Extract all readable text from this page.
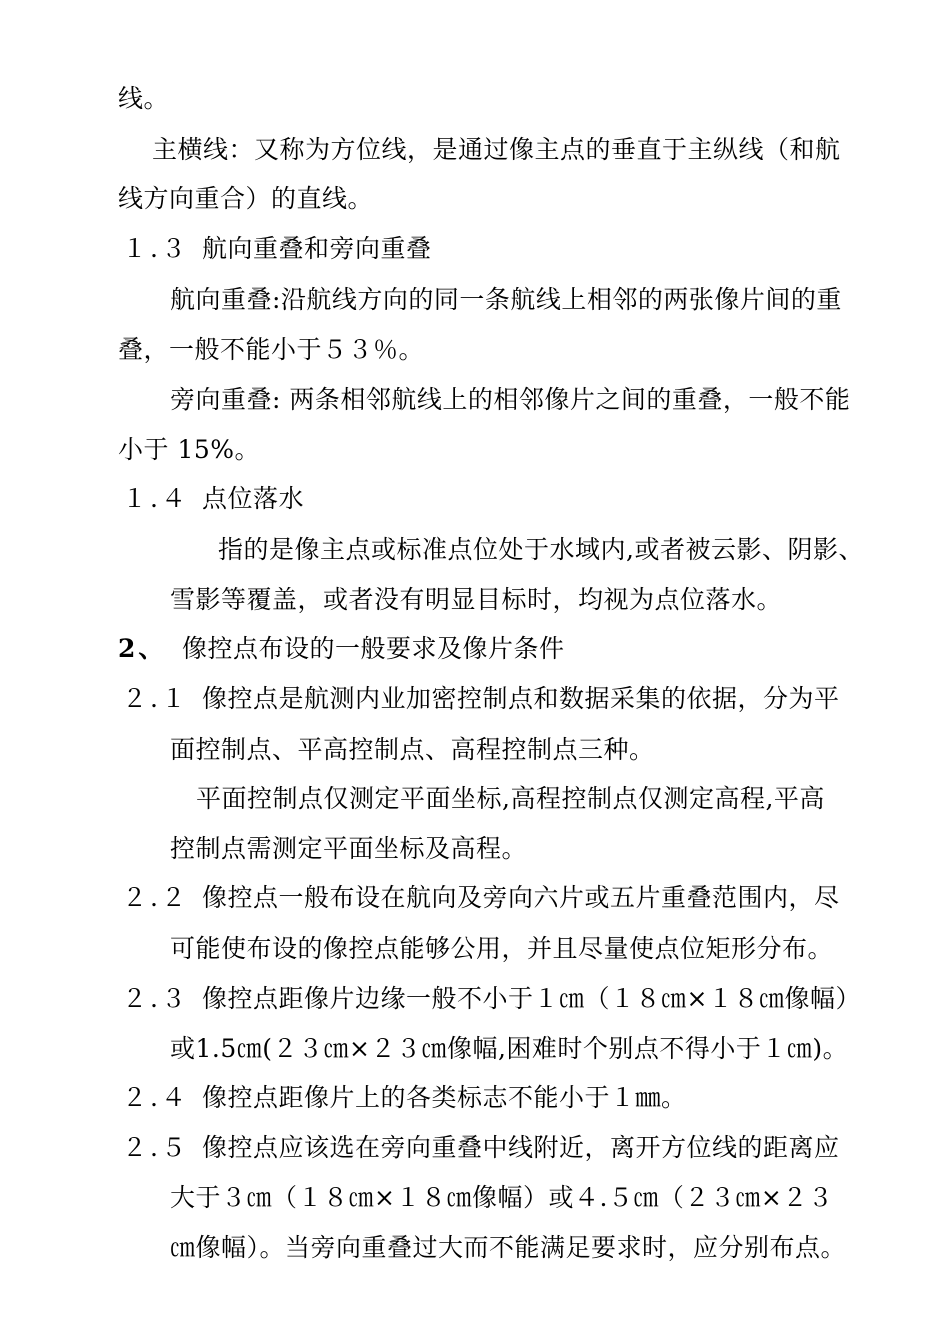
线。
主横线：又称为方位线，是通过像主点的垂直于主纵线（和航
线方向重合）的直线。
１.３ 航向重叠和旁向重叠
航向重叠:沿航线方向的同一条航线上相邻的两张像片间的重
叠，一般不能小于５３％。
旁向重叠: 两条相邻航线上的相邻像片之间的重叠，一般不能
小于 15%。
１.４ 点位落水
指的是像主点或标准点位处于水域内,或者被云影、阴影、
雪影等覆盖，或者没有明显目标时，均视为点位落水。
2、 像控点布设的一般要求及像片条件
２.１ 像控点是航测内业加密控制点和数据采集的依据，分为平
面控制点、平高控制点、高程控制点三种。
平面控制点仅测定平面坐标,高程控制点仅测定高程,平高
控制点需测定平面坐标及高程。
２.２ 像控点一般布设在航向及旁向六片或五片重叠范围内，尽
可能使布设的像控点能够公用，并且尽量使点位矩形分布。
２.３ 像控点距像片边缘一般不小于１㎝（１８㎝×１８㎝像幅）
或1.5㎝(２３㎝×２３㎝像幅,困难时个别点不得小于１㎝)。
２.４ 像控点距像片上的各类标志不能小于１㎜。
２.５ 像控点应该选在旁向重叠中线附近，离开方位线的距离应
大于３㎝（１８㎝×１８㎝像幅）或４.５㎝（２３㎝×２３
㎝像幅）。当旁向重叠过大而不能满足要求时，应分别布点。
